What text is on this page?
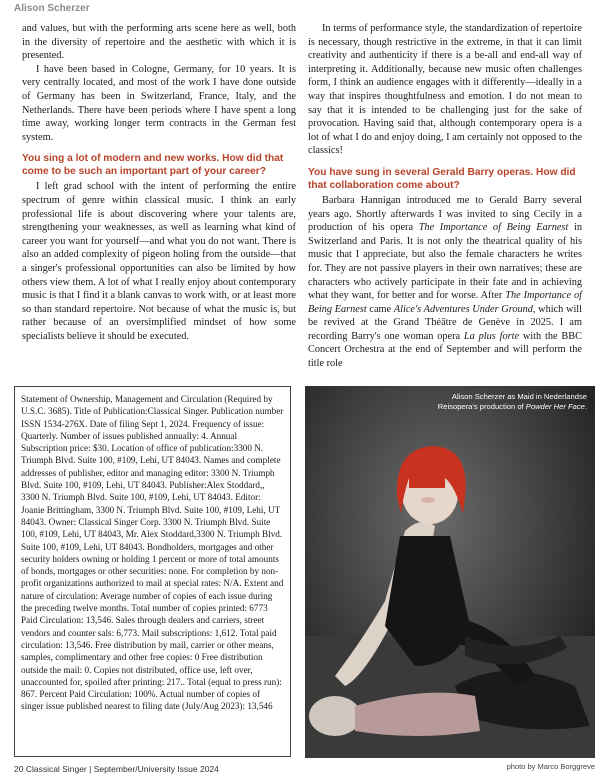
Alison Scherzer

and values, but with the performing arts scene here as well, both in the diversity of repertoire and the aesthetic with which it is presented.

I have been based in Cologne, Germany, for 10 years. It is very centrally located, and most of the work I have done outside of Germany has been in Switzerland, France, Italy, and the Netherlands. There have been periods where I have spent a long time away, working longer term contracts in the German fest system.

You sing a lot of modern and new works. How did that come to be such an important part of your career?

I left grad school with the intent of performing the entire spectrum of genre within classical music. I think an early professional life is about discovering where your talents are, strengthening your weaknesses, as well as learning what kind of career you want for yourself—and what you do not want. There is also an added complexity of pigeon holing from the outside—that a singer's professional opportunities can also be limited by how others view them. A lot of what I really enjoy about contemporary music is that I find it a blank canvas to work with, or at least more so than standard repertoire. Not because of what the music is, but rather because of an oversimplified mindset of how some specialists believe it should be executed.

In terms of performance style, the standardization of repertoire is necessary, though restrictive in the extreme, in that it can limit creativity and authenticity if there is a be-all and end-all way of interpreting it. Additionally, because new music often challenges form, I think an audience engages with it differently—ideally in a way that inspires thoughtfulness and emotion. I do not mean to say that it is intended to be challenging just for the sake of provocation. Having said that, although contemporary opera is a lot of what I do and enjoy doing, I am certainly not opposed to the classics!

You have sung in several Gerald Barry operas. How did that collaboration come about?

Barbara Hannigan introduced me to Gerald Barry several years ago. Shortly afterwards I was invited to sing Cecily in a production of his opera The Importance of Being Earnest in Switzerland and Paris. It is not only the theatrical quality of his music that I appreciate, but also the female characters he writes for. They are not passive players in their own narratives; these are characters who actively participate in their fate and in achieving what they want, for better and for worse. After The Importance of Being Earnest came Alice's Adventures Under Ground, which will be revived at the Grand Théâtre de Genève in 2025. I am recording Barry's one woman opera La plus forte with the BBC Concert Orchestra at the end of September and will perform the title role

Statement of Ownership, Management and Circulation (Required by U.S.C. 3685). Title of Publication:Classical Singer. Publication number ISSN 1534-276X. Date of filing Sept 1, 2024. Frequency of issue: Quarterly. Number of issues published annually: 4. Annual Subscription price: $30. Location of office of publication:3300 N. Triumph Blvd. Suite 100, #109, Lehi, UT 84043. Names and complete addresses of publisher, editor and managing editor: 3300 N. Triumph Blvd. Suite 100, #109, Lehi, UT 84043. Publisher:Alex Stoddard,, 3300 N. Triumph Blvd. Suite 100, #109, Lehi, UT 84043. Editor: Joanie Brittingham, 3300 N. Triumph Blvd. Suite 100, #109, Lehi, UT 84043. Owner: Classical Singer Corp. 3300 N. Triumph Blvd. Suite 100, #109, Lehi, UT 84043, Mr. Alex Stoddard,3300 N. Triumph Blvd. Suite 100, #109, Lehi, UT 84043. Bondholders, mortgages and other security holders owning or holding 1 percent or more of total amounts of bonds, mortgages or other securities: none. For completion by non-profit organizations authorized to mail at special rates: N/A. Extent and nature of circulation: Average number of copies of each issue during the preceding twelve months. Total number of copies printed: 6773 Paid Circulation: 13,546. Sales through dealers and carriers, street vendors and counter sals: 6,773. Mail subscriptions: 1,612. Total paid circulation: 13,546. Free distribution by mail, carrier or other means, samples, complimentary and other free copies: 0 Free distribution outside the mail: 0. Copies not distributed, office use, left over, unaccounted for, spoiled after printing: 217.. Total (equal to press run): 867. Percent Paid Circulation: 100%. Actual number of copies of singer issue published nearest to filing date (July/Aug 2023): 13,546
Alison Scherzer as Maid in Nederlandse Reisopera's production of Powder Her Face.
photo by Marco Borggreve
20 Classical Singer | September/University Issue 2024
